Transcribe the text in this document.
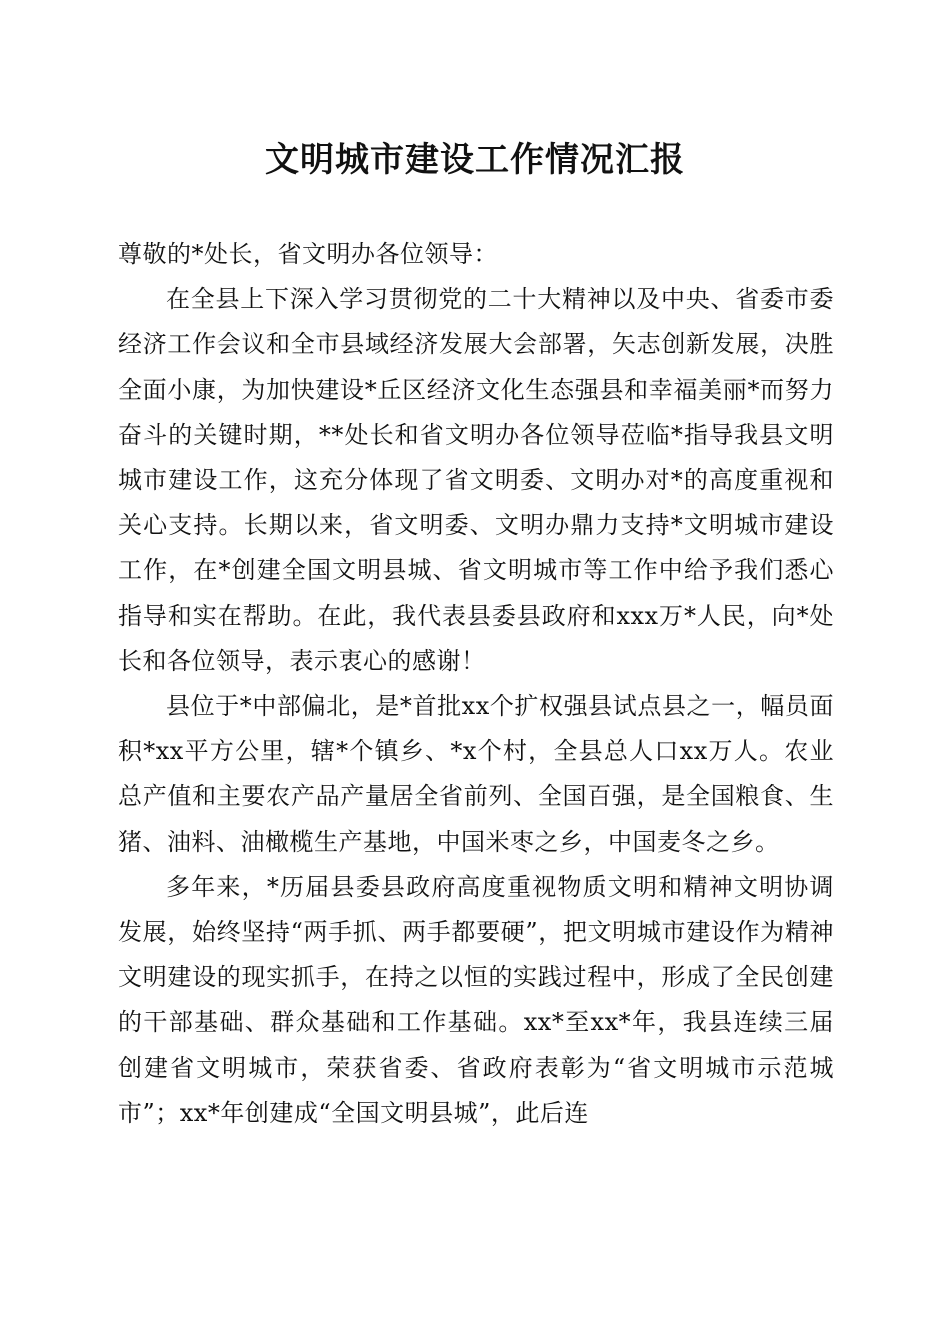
文明城市建设工作情况汇报

尊敬的*处长，省文明办各位领导：

在全县上下深入学习贯彻党的二十大精神以及中央、省委市委经济工作会议和全市县域经济发展大会部署，矢志创新发展，决胜全面小康，为加快建设*丘区经济文化生态强县和幸福美丽*而努力奋斗的关键时期，**处长和省文明办各位领导莅临*指导我县文明城市建设工作，这充分体现了省文明委、文明办对*的高度重视和关心支持。长期以来，省文明委、文明办鼎力支持*文明城市建设工作，在*创建全国文明县城、省文明城市等工作中给予我们悉心指导和实在帮助。在此，我代表县委县政府和xxx万*人民，向*处长和各位领导，表示衷心的感谢！

县位于*中部偏北，是*首批xx个扩权强县试点县之一，幅员面积*xx平方公里，辖*个镇乡、*x个村，全县总人口xx万人。农业总产值和主要农产品产量居全省前列、全国百强，是全国粮食、生猪、油料、油橄榄生产基地，中国米枣之乡，中国麦冬之乡。

多年来，*历届县委县政府高度重视物质文明和精神文明协调发展，始终坚持“两手抓、两手都要硬”，把文明城市建设作为精神文明建设的现实抓手，在持之以恒的实践过程中，形成了全民创建的干部基础、群众基础和工作基础。xx*至xx*年，我县连续三届创建省文明城市，荣获省委、省政府表彰为“省文明城市示范城市”；xx*年创建成“全国文明县城”，此后连
